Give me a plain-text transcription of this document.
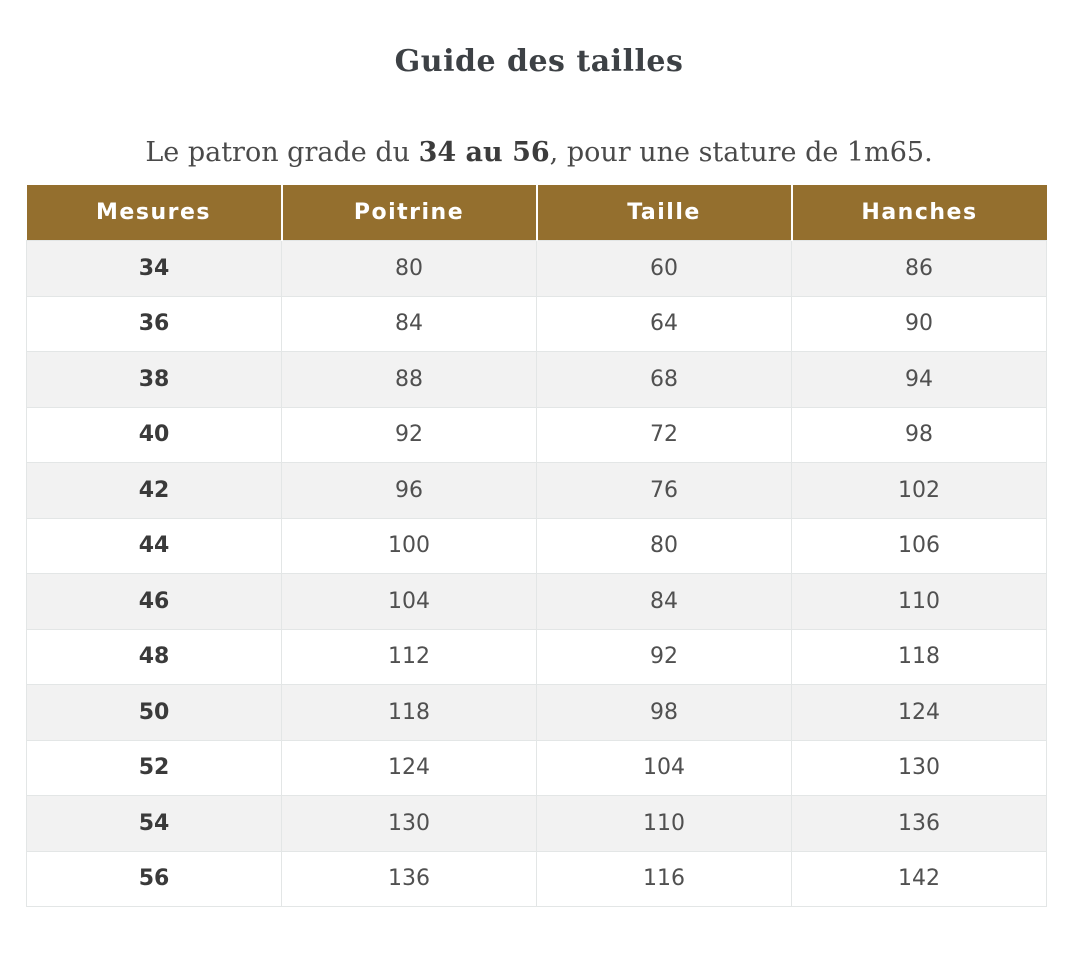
Guide des tailles

Le patron grade du 34 au 56, pour une stature de 1m65.

Mesures	Poitrine	Taille	Hanches
34	80	60	86
36	84	64	90
38	88	68	94
40	92	72	98
42	96	76	102
44	100	80	106
46	104	84	110
48	112	92	118
50	118	98	124
52	124	104	130
54	130	110	136
56	136	116	142
